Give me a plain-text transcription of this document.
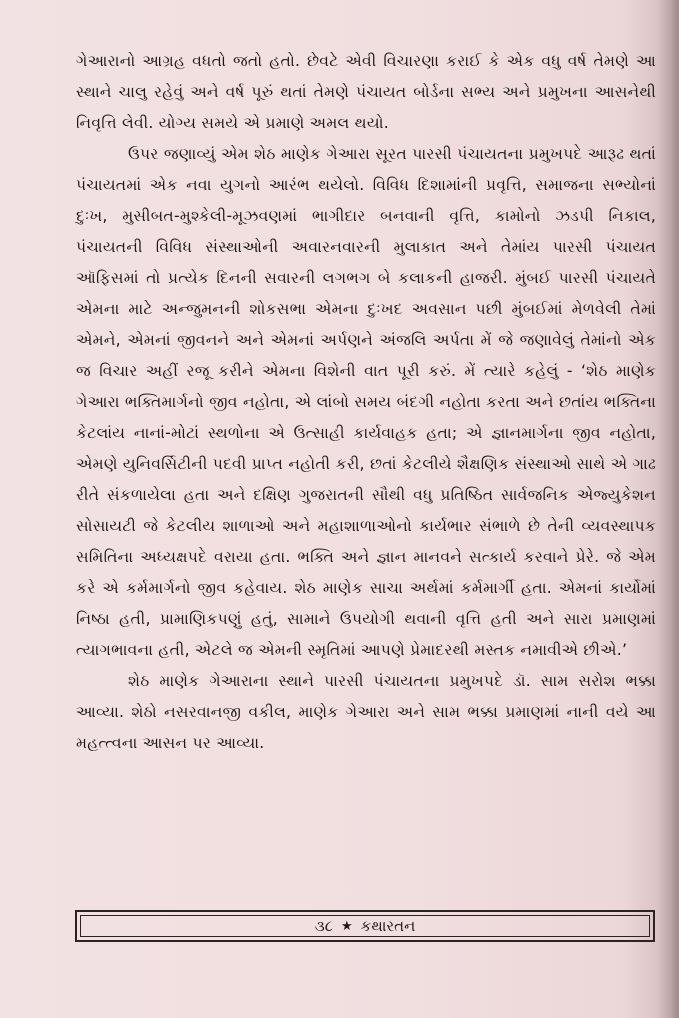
ગેઆરાનો આગ્રહ વધતો જતો હતો. છેવટે એવી વિચારણા કરાઈ કે એક વધુ વર્ષ તેમણે આ સ્થાને ચાલુ રહેવું અને વર્ષ પૂરું થતાં તેમણે પંચાયત બોર્ડના સભ્ય અને પ્રમુખના આસનેથી નિવૃત્તિ લેવી. યોગ્ય સમયે એ પ્રમાણે અમલ થયો.

ઉપર જણાવ્યું એમ શેઠ માણેક ગેઆરા સૂરત પારસી પંચાયતના પ્રમુખપદે આરૂઢ થતાં પંચાયતમાં એક નવા યુગનો આરંભ થયેલો. વિવિધ દિશામાંની પ્રવૃત્તિ, સમાજના સભ્યોનાં દુઃખ, મુસીબત-મુશ્કેલી-મૂઝવણમાં ભાગીદાર બનવાની વૃત્તિ, કામોનો ઝડપી નિકાલ, પંચાયતની વિવિધ સંસ્થાઓની અવારનવારની મુલાકાત અને તેમાંય પારસી પંચાયત ઑફિસમાં તો પ્રત્યેક દિનની સવારની લગભગ બે કલાકની હાજરી. મુંબઈ પારસી પંચાયતે એમના માટે અન્જુમનની શોકસભા એમના દુઃખદ અવસાન પછી મુંબઈમાં મેળવેલી તેમાં એમને, એમનાં જીવનને અને એમનાં અર્પણને અંજલિ અર્પતા મેં જે જણાવેલું તેમાંનો એક જ વિચાર અહીં રજૂ કરીને એમના વિશેની વાત પૂરી કરું. મેં ત્યારે કહેલું - ‘શેઠ માણેક ગેઆરા ભક્તિમાર્ગનો જીવ નહોતા, એ લાંબો સમય બંદગી નહોતા કરતા અને છતાંય ભક્તિના કેટલાંય નાનાં-મોટાં સ્થળોના એ ઉત્સાહી કાર્યવાહક હતા; એ જ્ઞાનમાર્ગના જીવ નહોતા, એમણે યુનિવર્સિટીની પદવી પ્રાપ્ત નહોતી કરી, છતાં કેટલીયે શૈક્ષણિક સંસ્થાઓ સાથે એ ગાઢ રીતે સંકળાયેલા હતા અને દક્ષિણ ગુજરાતની સૌથી વધુ પ્રતિષ્ઠિત સાર્વજનિક એજ્યુકેશન સોસાયટી જે કેટલીય શાળાઓ અને મહાશાળાઓનો કાર્યભાર સંભાળે છે તેની વ્યવસ્થાપક સમિતિના અધ્યક્ષપદે વરાયા હતા. ભક્તિ અને જ્ઞાન માનવને સત્કાર્ય કરવાને પ્રેરે. જે એમ કરે એ કર્મમાર્ગનો જીવ કહેવાય. શેઠ માણેક સાચા અર્થમાં કર્મમાર્ગી હતા. એમનાં કાર્યોમાં નિષ્ઠા હતી, પ્રામાણિકપણું હતું, સામાને ઉપયોગી થવાની વૃત્તિ હતી અને સારા પ્રમાણમાં ત્યાગભાવના હતી, એટલે જ એમની સ્મૃતિમાં આપણે પ્રેમાદરથી મસ્તક નમાવીએ છીએ.’

શેઠ માણેક ગેઆરાના સ્થાને પારસી પંચાયતના પ્રમુખપદે ડૉ. સામ સરોશ ભક્કા આવ્યા. શેઠો નસરવાનજી વકીલ, માણેક ગેઆરા અને સામ ભક્કા પ્રમાણમાં નાની વયે આ મહત્ત્વના આસન પર આવ્યા.

૩૮ ★ કથારતન
